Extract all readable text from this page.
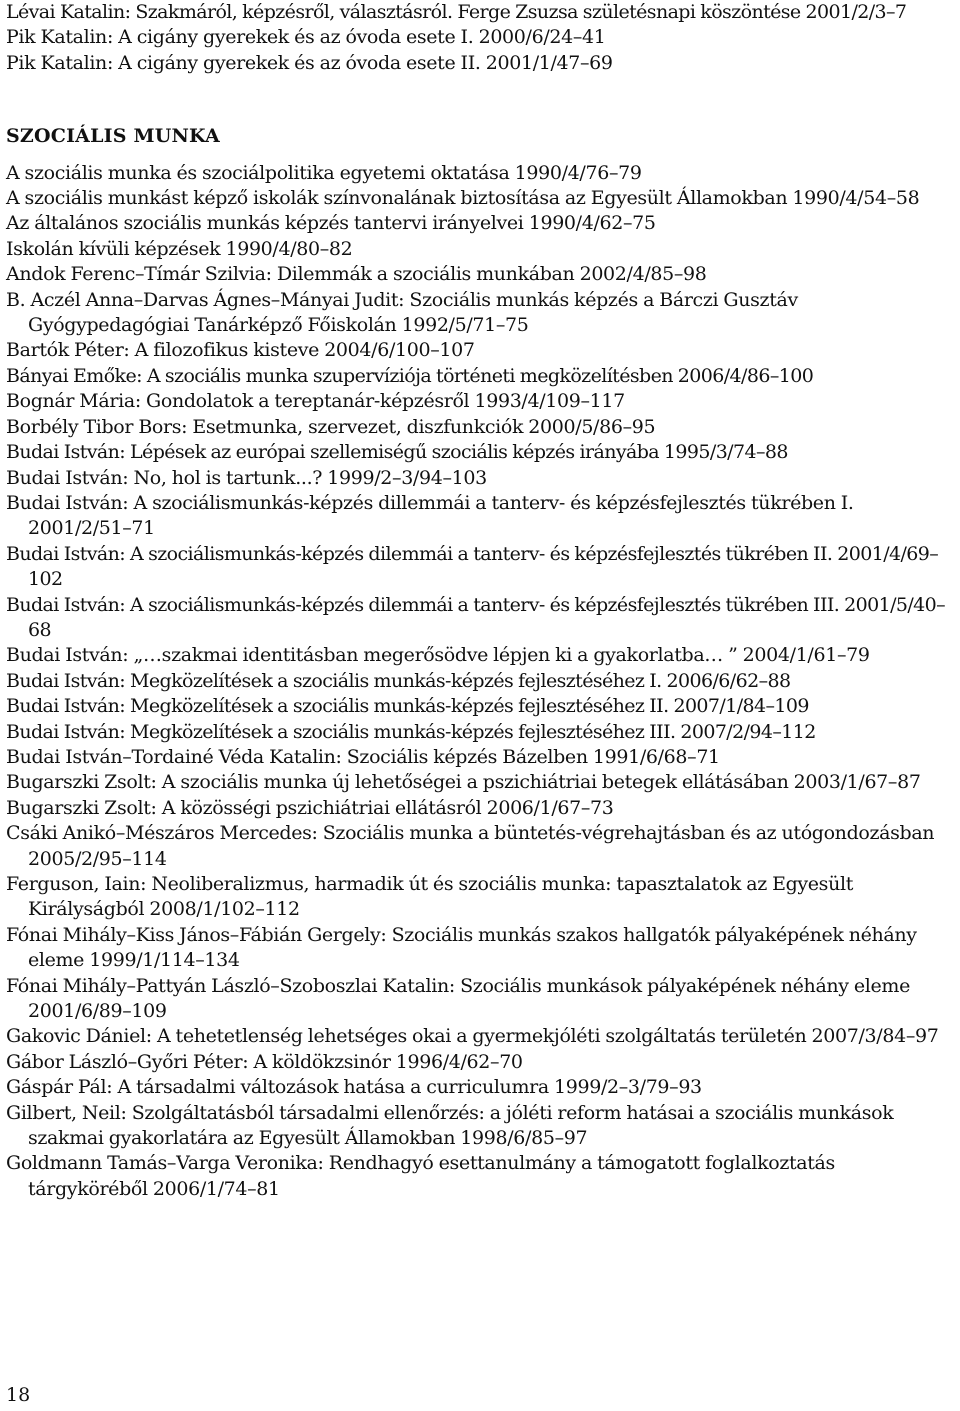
Lévai Katalin: Szakmáról, képzésről, választásról. Ferge Zsuzsa születésnapi köszöntése 2001/2/3–7

Pik Katalin: A cigány gyerekek és az óvoda esete I. 2000/6/24–41

Pik Katalin: A cigány gyerekek és az óvoda esete II. 2001/1/47–69

SZOCIÁLIS MUNKA

A szociális munka és szociálpolitika egyetemi oktatása 1990/4/76–79

A szociális munkást képző iskolák színvonalának biztosítása az Egyesült Államokban 1990/4/54–58

Az általános szociális munkás képzés tantervi irányelvei 1990/4/62–75

Iskolán kívüli képzések 1990/4/80–82

Andok Ferenc–Tímár Szilvia: Dilemmák a szociális munkában 2002/4/85–98

B. Aczél Anna–Darvas Ágnes–Mányai Judit: Szociális munkás képzés a Bárczi Gusztáv Gyógypedagógiai Tanárképző Főiskolán 1992/5/71–75

Bartók Péter: A filozofikus kisteve 2004/6/100–107

Bányai Emőke: A szociális munka szupervíziója történeti megközelítésben 2006/4/86–100

Bognár Mária: Gondolatok a tereptanár-képzésről 1993/4/109–117

Borbély Tibor Bors: Esetmunka, szervezet, diszfunkciók 2000/5/86–95

Budai István: Lépések az európai szellemiségű szociális képzés irányába 1995/3/74–88

Budai István: No, hol is tartunk...? 1999/2–3/94–103

Budai István: A szociálismunkás-képzés dillemmái a tanterv- és képzésfejlesztés tükrében I. 2001/2/51–71

Budai István: A szociálismunkás-képzés dilemmái a tanterv- és képzésfejlesztés tükrében II. 2001/4/69–102

Budai István: A szociálismunkás-képzés dilemmái a tanterv- és képzésfejlesztés tükrében III. 2001/5/40–68

Budai István: „…szakmai identitásban megerősödve lépjen ki a gyakorlatba… ” 2004/1/61–79

Budai István: Megközelítések a szociális munkás-képzés fejlesztéséhez I. 2006/6/62–88

Budai István: Megközelítések a szociális munkás-képzés fejlesztéséhez II. 2007/1/84–109

Budai István: Megközelítések a szociális munkás-képzés fejlesztéséhez III. 2007/2/94–112

Budai István–Tordainé Véda Katalin: Szociális képzés Bázelben 1991/6/68–71

Bugarszki Zsolt: A szociális munka új lehetőségei a pszichiátriai betegek ellátásában 2003/1/67–87

Bugarszki Zsolt: A közösségi pszichiátriai ellátásról 2006/1/67–73

Csáki Anikó–Mészáros Mercedes: Szociális munka a büntetés-végrehajtásban és az utógondozásban 2005/2/95–114

Ferguson, Iain: Neoliberalizmus, harmadik út és szociális munka: tapasztalatok az Egyesült Királyságból 2008/1/102–112

Fónai Mihály–Kiss János–Fábián Gergely: Szociális munkás szakos hallgatók pályaképének néhány eleme 1999/1/114–134

Fónai Mihály–Pattyán László–Szoboszlai Katalin: Szociális munkások pályaképének néhány eleme 2001/6/89–109

Gakovic Dániel: A tehetetlenség lehetséges okai a gyermekjóléti szolgáltatás területén 2007/3/84–97

Gábor László–Győri Péter: A köldökzsinór 1996/4/62–70

Gáspár Pál: A társadalmi változások hatása a curriculumra 1999/2–3/79–93

Gilbert, Neil: Szolgáltatásból társadalmi ellenőrzés: a jóléti reform hatásai a szociális munkások szakmai gyakorlatára az Egyesült Államokban 1998/6/85–97

Goldmann Tamás–Varga Veronika: Rendhagyó esettanulmány a támogatott foglalkoztatás tárgyköréből 2006/1/74–81

18
